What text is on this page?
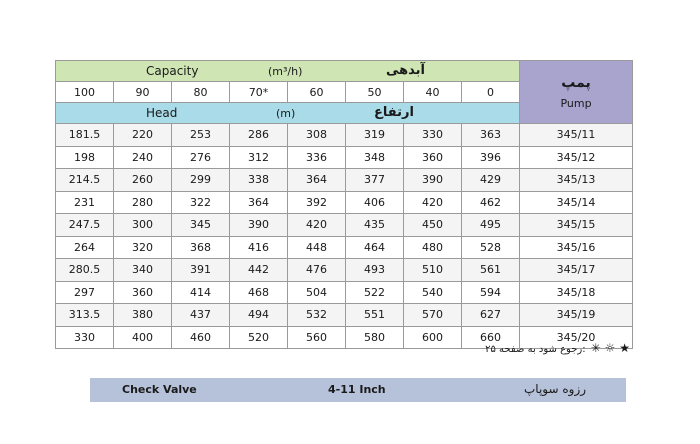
Capacity (m³/h) آبدهی								پمپ
Pump

100	90	80	70*	60	50	40	0	

Head (m) ارتفاع								

181.5	220	253	286	308	319	330	363	345/11
198	240	276	312	336	348	360	396	345/12
214.5	260	299	338	364	377	390	429	345/13
231	280	322	364	392	406	420	462	345/14
247.5	300	345	390	420	435	450	495	345/15
264	320	368	416	448	464	480	528	345/16
280.5	340	391	442	476	493	510	561	345/17
297	360	414	468	504	522	540	594	345/18
313.5	380	437	494	532	551	570	627	345/19
330	400	460	520	560	580	600	660	345/20
★ ☼ ✳ :رجوع شود به صفحه ۲۵
Check Valve	4-11 Inch	رزوه سوپاپ
